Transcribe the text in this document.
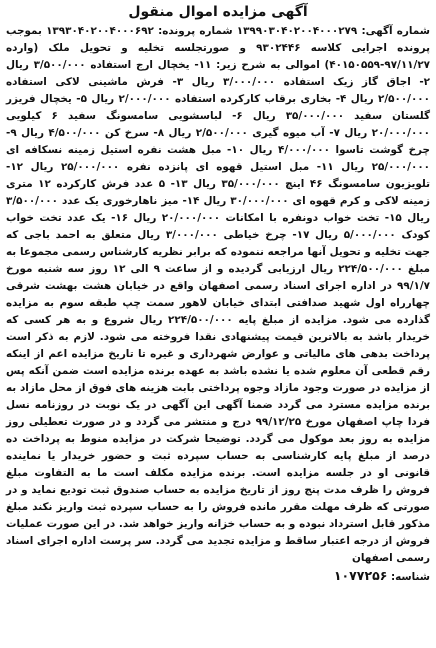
آگهی مزایده اموال منقول

شماره آگهی: ۱۳۹۹۰۳۰۴۰۲۰۰۴۰۰۰۲۷۹ شماره پرونده: ۱۳۹۳۰۴۰۲۰۰۴۰۰۰۶۹۲ بموجب پرونده اجرایی کلاسه ۹۳۰۲۴۴۶ و صورتجلسه تخلیه و تحویل ملک (وارده ۹۷/۱۱/۲۷-۴۰۱۵۰۵۵۹) اموالی به شرح زیر: ۱۱- یخچال ارج استفاده ۳/۵۰۰/۰۰۰ ریال ۲- اجاق گاز زیک استفاده ۳/۰۰۰/۰۰۰ ریال ۳- فرش ماشینی لاکی استفاده ۲/۵۰۰/۰۰۰ ریال ۴- بخاری برقاب کارکرده استفاده ۲/۰۰۰/۰۰۰ ریال ۵- یخچال فریزر گلستان سفید ۳۵/۰۰۰/۰۰۰ ریال ۶- لباسشویی سامسونگ سفید ۶ کیلویی ۲۰/۰۰۰/۰۰۰ ریال ۷- آب میوه گیری ۲/۵۰۰/۰۰۰ ریال ۸- سرخ کن ۴/۵۰۰/۰۰۰ ریال ۹- چرخ گوشت تاسوا ۴/۰۰۰/۰۰۰ ریال ۱۰- مبل هشت نفره استیل زمینه نسکافه ای ۲۵/۰۰۰/۰۰۰ ریال ۱۱- مبل استیل قهوه ای پانزده نفره ۲۵/۰۰۰/۰۰۰ ریال ۱۲- تلویزیون سامسونگ ۴۶ اینچ ۳۵/۰۰۰/۰۰۰ ریال ۱۳- ۵ عدد فرش کارکرده ۱۲ متری زمینه لاکی و کرم قهوه ای ۳۰/۰۰۰/۰۰۰ ریال ۱۴- میز ناهارخوری یک عدد ۳/۵۰۰/۰۰۰ ریال ۱۵- تخت خواب دونفره با امکانات ۲۰/۰۰۰/۰۰۰ ریال ۱۶- یک عدد تخت خواب کودک ۵/۰۰۰/۰۰۰ ریال ۱۷- چرخ خیاطی ۳/۰۰۰/۰۰۰ ریال متعلق به احمد باجی که جهت تخلیه و تحویل آنها مراجعه ننموده که برابر نظریه کارشناس رسمی مجموعا به مبلغ ۲۲۴/۵۰۰/۰۰۰ ریال ارزیابی گردیده و از ساعت ۹ الی ۱۲ روز سه شنبه مورخ ۹۹/۱/۷ در اداره اجرای اسناد رسمی اصفهان واقع در خیابان هشت بهشت شرقی چهارراه اول شهید صدافتی ابتدای خیابان لاهور سمت چپ طبقه سوم به مزایده گذارده می شود. مزایده از مبلغ پایه ۲۲۴/۵۰۰/۰۰۰ ریال شروع و به هر کسی که خریدار باشد به بالاترین قیمت پیشنهادی نقدا فروخته می شود. لازم به ذکر است پرداخت بدهی های مالیاتی و عوارض شهرداری و غیره تا تاریخ مزایده اعم از اینکه رقم قطعی آن معلوم شده یا نشده باشد به عهده برنده مزایده است ضمن آنکه پس از مزایده در صورت وجود مازاد وجوه پرداختی بابت هزینه های فوق از محل مازاد به برنده مزایده مسترد می گردد ضمنا آگهی این آگهی در یک نوبت در روزنامه نسل فردا چاپ اصفهان مورخ ۹۹/۱۲/۲۵ درج و منتشر می گردد و در صورت تعطیلی روز مزایده به روز بعد موکول می گردد. توضیحا شرکت در مزایده منوط به پرداخت ده درصد از مبلغ پایه کارشناسی به حساب سپرده ثبت و حضور خریدار یا نماینده قانونی او در جلسه مزایده است. برنده مزایده مکلف است ما به التفاوت مبلغ فروش را ظرف مدت پنج روز از تاریخ مزایده به حساب صندوق ثبت تودیع نماید و در صورتی که ظرف مهلت مقرر مانده فروش را به حساب سپرده ثبت واریز نکند مبلغ مذکور قابل استرداد نبوده و به حساب خزانه واریز خواهد شد. در این صورت عملیات فروش از درجه اعتبار ساقط و مزایده تجدید می گردد. سر پرست اداره اجرای اسناد رسمی اصفهان

شناسه: ۱۰۷۷۲۵۶
